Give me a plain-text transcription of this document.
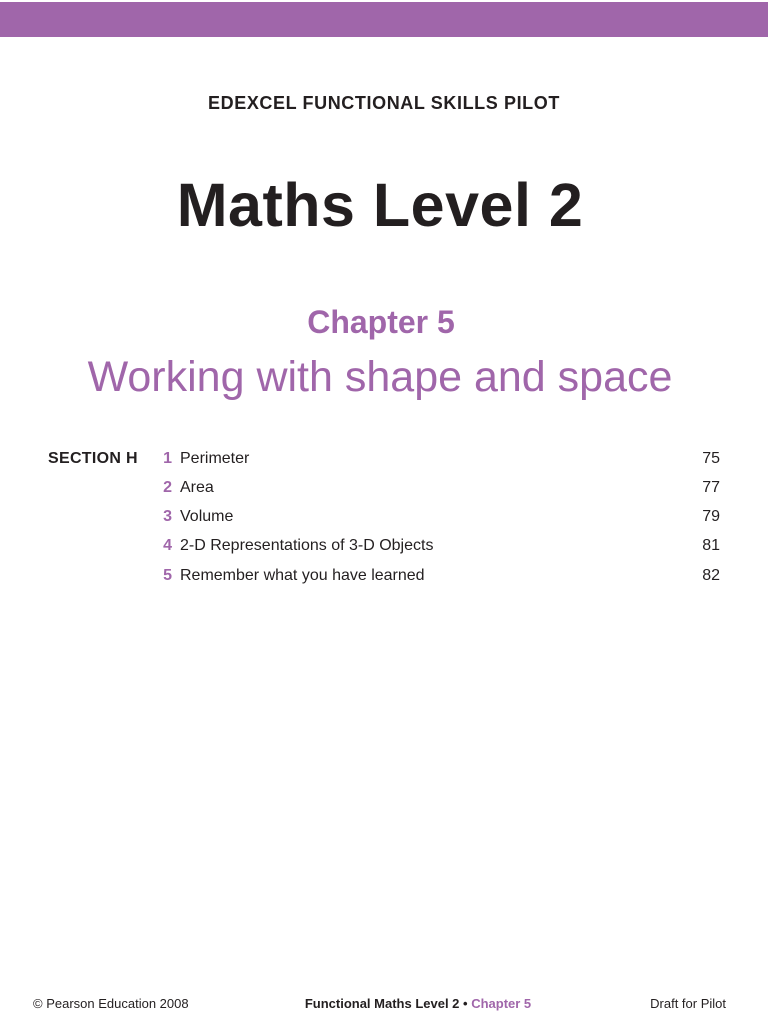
EDEXCEL FUNCTIONAL SKILLS PILOT
Maths Level 2
Chapter 5
Working with shape and space
SECTION H 1 Perimeter	75
2 Area	77
3 Volume	79
4 2-D Representations of 3-D Objects	81
5 Remember what you have learned	82
© Pearson Education 2008	Functional Maths Level 2 • Chapter 5	Draft for Pilot
